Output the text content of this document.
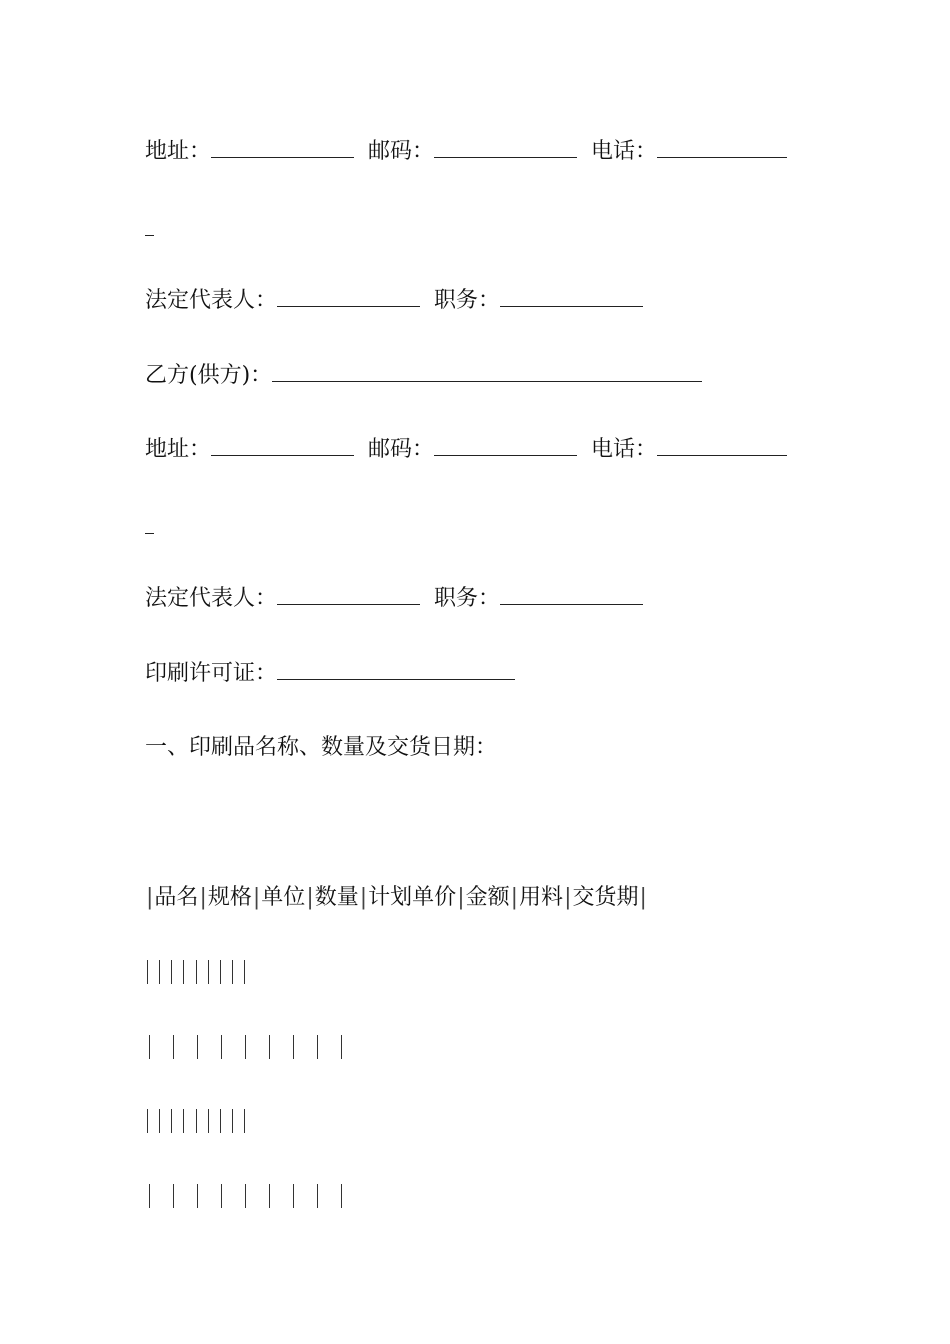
地址：	邮码：	电话：
法定代表人：	职务：
乙方(供方)：
地址：	邮码：	电话：
法定代表人：	职务：
印刷许可证：
一、印刷品名称、数量及交货日期：
|品名|规格|单位|数量|计划单价|金额|用料|交货期|
